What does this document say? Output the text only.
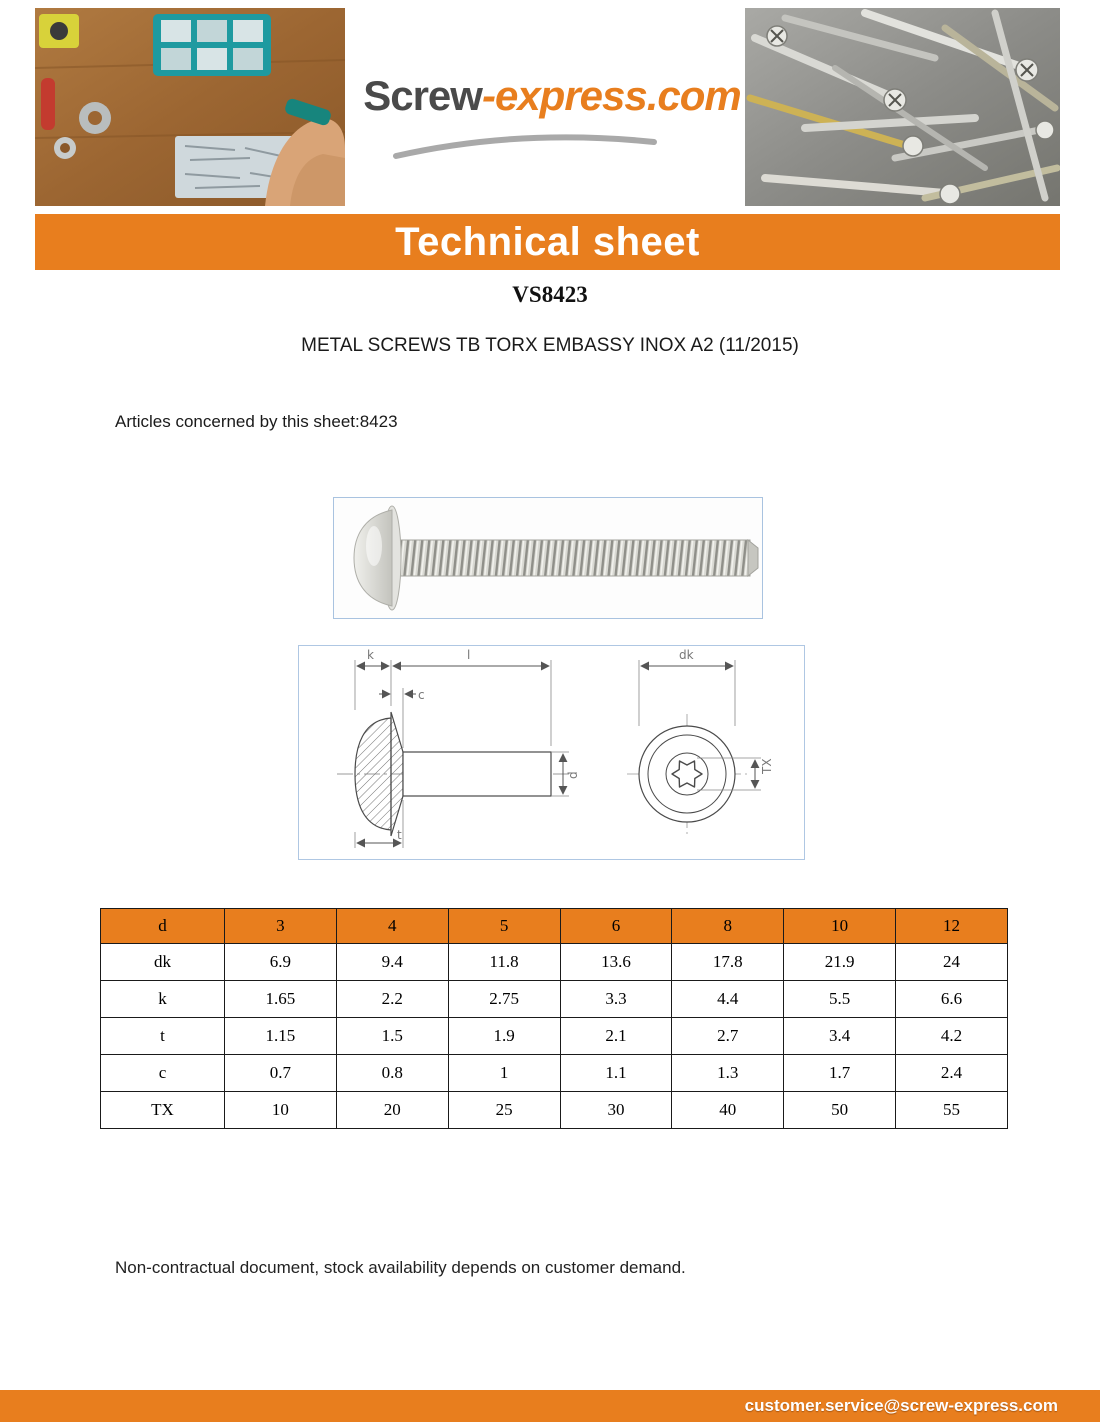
Screw-express.com
Technical sheet
VS8423
METAL SCREWS TB TORX EMBASSY INOX A2 (11/2015)
Articles concerned by this sheet:8423
k	l
c
d
t
dk
TX
d	3	4	5	6	8	10	12
dk	6.9	9.4	11.8	13.6	17.8	21.9	24
k	1.65	2.2	2.75	3.3	4.4	5.5	6.6
t	1.15	1.5	1.9	2.1	2.7	3.4	4.2
c	0.7	0.8	1	1.1	1.3	1.7	2.4
TX	10	20	25	30	40	50	55
Non-contractual document, stock availability depends on customer demand.
customer.service@screw-express.com
